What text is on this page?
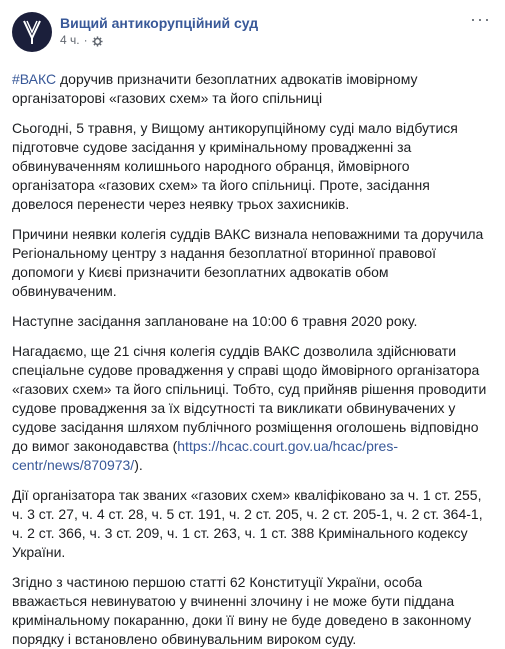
Вищий антикорупційний суд
4 ч. ·
···

#ВАКС доручив призначити безоплатних адвокатів імовірному організаторові «газових схем» та його спільниці

Сьогодні, 5 травня, у Вищому антикорупційному суді мало відбутися підготовче судове засідання у кримінальному провадженні за обвинуваченням колишнього народного обранця, ймовірного організатора «газових схем» та його спільниці. Проте, засідання довелося перенести через неявку трьох захисників.

Причини неявки колегія суддів ВАКС визнала неповажними та доручила Регіональному центру з надання безоплатної вторинної правової допомоги у Києві призначити безоплатних адвокатів обом обвинуваченим.

Наступне засідання заплановане на 10:00 6 травня 2020 року.

Нагадаємо, ще 21 січня колегія суддів ВАКС дозволила здійснювати спеціальне судове провадження у справі щодо ймовірного організатора «газових схем» та його спільниці. Тобто, суд прийняв рішення проводити судове провадження за їх відсутності та викликати обвинувачених у судове засідання шляхом публічного розміщення оголошень відповідно до вимог законодавства (https://hcac.court.gov.ua/hcac/pres-centr/news/870973/).

Дії організатора так званих «газових схем» кваліфіковано за ч. 1 ст. 255, ч. 3 ст. 27, ч. 4 ст. 28, ч. 5 ст. 191, ч. 2 ст. 205, ч. 2 ст. 205-1, ч. 2 ст. 364-1, ч. 2 ст. 366, ч. 3 ст. 209, ч. 1 ст. 263, ч. 1 ст. 388 Кримінального кодексу України.

Згідно з частиною першою статті 62 Конституції України, особа вважається невинуватою у вчиненні злочину і не може бути піддана кримінальному покаранню, доки її вину не буде доведено в законному порядку і встановлено обвинувальним вироком суду.
